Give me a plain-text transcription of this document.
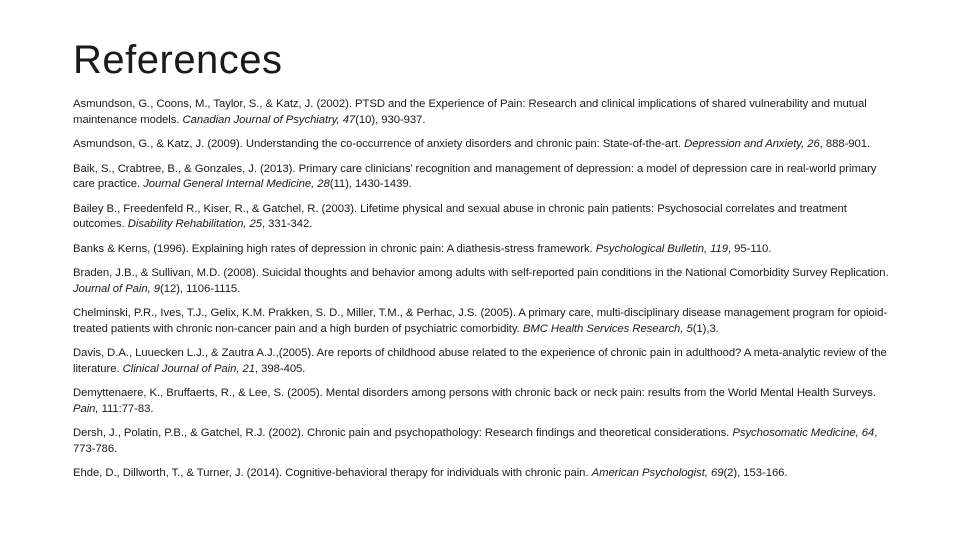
References
Asmundson, G., Coons, M., Taylor, S., & Katz, J. (2002). PTSD and the Experience of Pain: Research and clinical implications of shared vulnerability and mutual maintenance models. Canadian Journal of Psychiatry, 47(10), 930-937.
Asmundson, G., & Katz, J. (2009). Understanding the co-occurrence of anxiety disorders and chronic pain: State-of-the-art. Depression and Anxiety, 26, 888-901.
Baik, S., Crabtree, B., & Gonzales, J. (2013). Primary care clinicians’ recognition and management of depression: a model of depression care in real-world primary care practice. Journal General Internal Medicine, 28(11), 1430-1439.
Bailey B., Freedenfeld R., Kiser, R., & Gatchel, R. (2003). Lifetime physical and sexual abuse in chronic pain patients: Psychosocial correlates and treatment outcomes. Disability Rehabilitation, 25, 331-342.
Banks & Kerns, (1996). Explaining high rates of depression in chronic pain: A diathesis-stress framework. Psychological Bulletin, 119, 95-110.
Braden, J.B., & Sullivan, M.D. (2008). Suicidal thoughts and behavior among adults with self-reported pain conditions in the National Comorbidity Survey Replication. Journal of Pain, 9(12), 1106-1115.
Chelminski, P.R., Ives, T.J., Gelix, K.M. Prakken, S. D., Miller, T.M., & Perhac, J.S. (2005). A primary care, multi-disciplinary disease management program for opioid-treated patients with chronic non-cancer pain and a high burden of psychiatric comorbidity. BMC Health Services Research, 5(1),3.
Davis, D.A., Luuecken L.J., & Zautra A.J.,(2005). Are reports of childhood abuse related to the experience of chronic pain in adulthood? A meta-analytic review of the literature. Clinical Journal of Pain, 21, 398-405.
Demyttenaere, K., Bruffaerts, R., & Lee, S. (2005). Mental disorders among persons with chronic back or neck pain: results from the World Mental Health Surveys. Pain, 111:77-83.
Dersh, J., Polatin, P.B., & Gatchel, R.J. (2002). Chronic pain and psychopathology: Research findings and theoretical considerations. Psychosomatic Medicine, 64, 773-786.
Ehde, D., Dillworth, T., & Turner, J. (2014). Cognitive-behavioral therapy for individuals with chronic pain. American Psychologist, 69(2), 153-166.
